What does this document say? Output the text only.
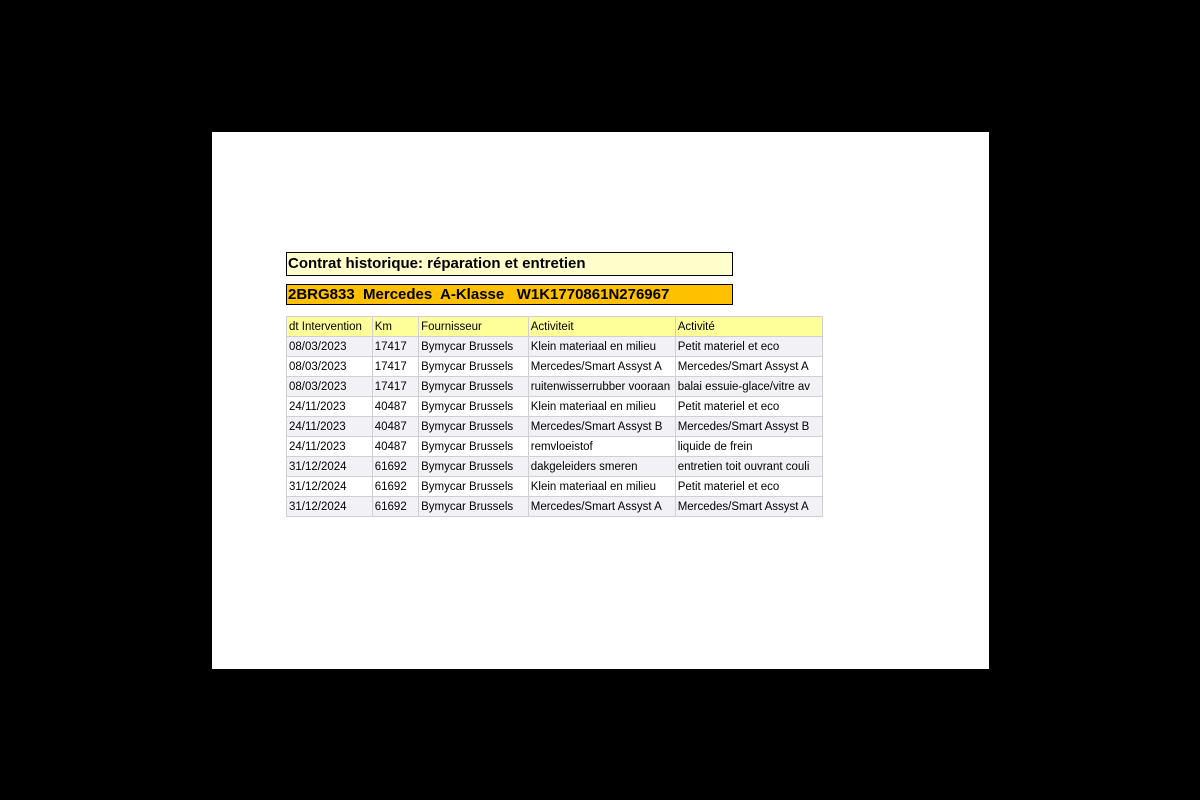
Contrat historique: réparation et entretien
2BRG833  Mercedes  A-Klasse   W1K1770861N276967
dt Intervention	Km	Fournisseur	Activiteit	Activité
08/03/2023	17417	Bymycar Brussels	Klein materiaal en milieu	Petit materiel et eco
08/03/2023	17417	Bymycar Brussels	Mercedes/Smart Assyst A	Mercedes/Smart Assyst A
08/03/2023	17417	Bymycar Brussels	ruitenwisserrubber vooraan	balai essuie-glace/vitre av
24/11/2023	40487	Bymycar Brussels	Klein materiaal en milieu	Petit materiel et eco
24/11/2023	40487	Bymycar Brussels	Mercedes/Smart Assyst B	Mercedes/Smart Assyst B
24/11/2023	40487	Bymycar Brussels	remvloeistof	liquide de frein
31/12/2024	61692	Bymycar Brussels	dakgeleiders smeren	entretien toit ouvrant couli
31/12/2024	61692	Bymycar Brussels	Klein materiaal en milieu	Petit materiel et eco
31/12/2024	61692	Bymycar Brussels	Mercedes/Smart Assyst A	Mercedes/Smart Assyst A
